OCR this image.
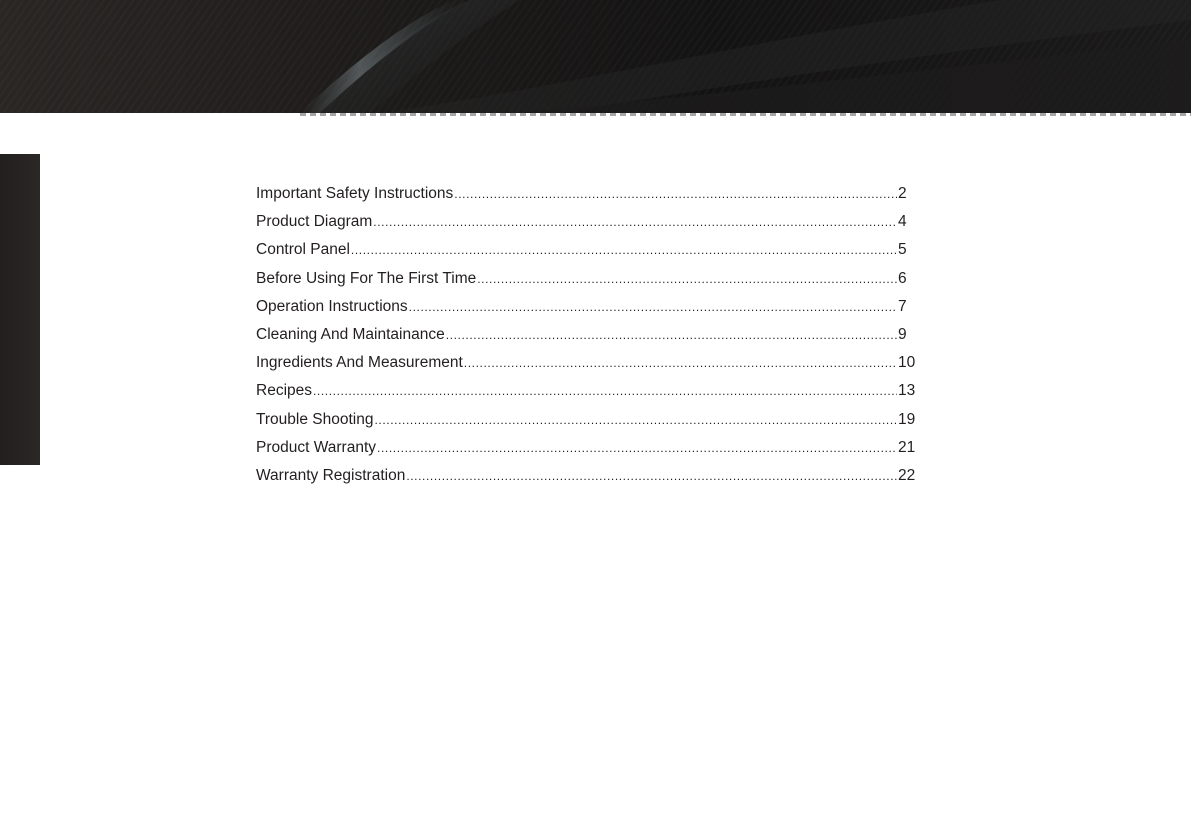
Important Safety Instructions .....	2
Product Diagram .....	4
Control Panel .....	5
Before Using For The First Time .....	6
Operation Instructions .....	7
Cleaning And Maintainance .....	9
Ingredients And Measurement .....	10
Recipes .....	13
Trouble Shooting .....	19
Product Warranty .....	21
Warranty Registration .....	22
